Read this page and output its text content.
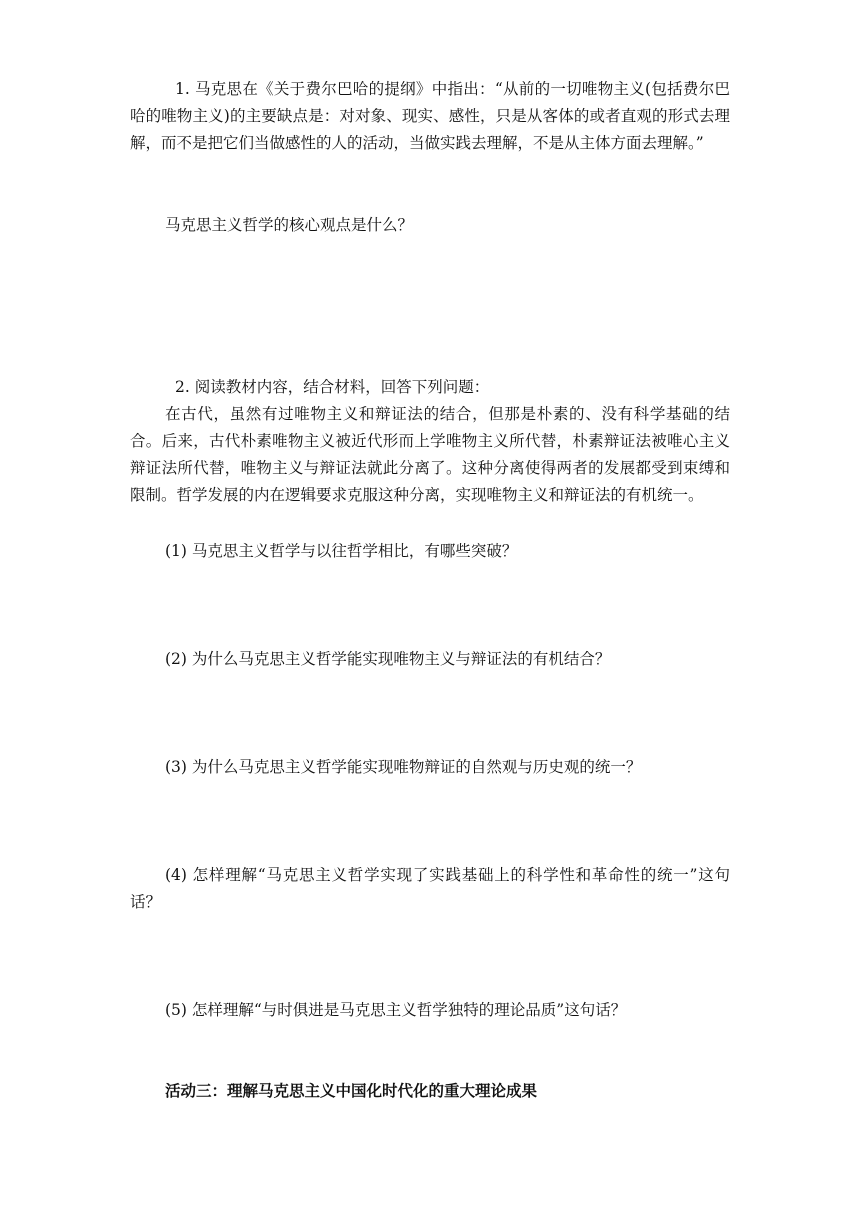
1. 马克思在《关于费尔巴哈的提纲》中指出：“从前的一切唯物主义(包括费尔巴哈的唯物主义)的主要缺点是：对对象、现实、感性，只是从客体的或者直观的形式去理解，而不是把它们当做感性的人的活动，当做实践去理解，不是从主体方面去理解。”

马克思主义哲学的核心观点是什么？

2. 阅读教材内容，结合材料，回答下列问题：

在古代，虽然有过唯物主义和辩证法的结合，但那是朴素的、没有科学基础的结合。后来，古代朴素唯物主义被近代形而上学唯物主义所代替，朴素辩证法被唯心主义辩证法所代替，唯物主义与辩证法就此分离了。这种分离使得两者的发展都受到束缚和限制。哲学发展的内在逻辑要求克服这种分离，实现唯物主义和辩证法的有机统一。

(1) 马克思主义哲学与以往哲学相比，有哪些突破？

(2) 为什么马克思主义哲学能实现唯物主义与辩证法的有机结合？

(3) 为什么马克思主义哲学能实现唯物辩证的自然观与历史观的统一？

(4) 怎样理解“马克思主义哲学实现了实践基础上的科学性和革命性的统一”这句话？

(5) 怎样理解“与时俱进是马克思主义哲学独特的理论品质”这句话？

活动三：理解马克思主义中国化时代化的重大理论成果
